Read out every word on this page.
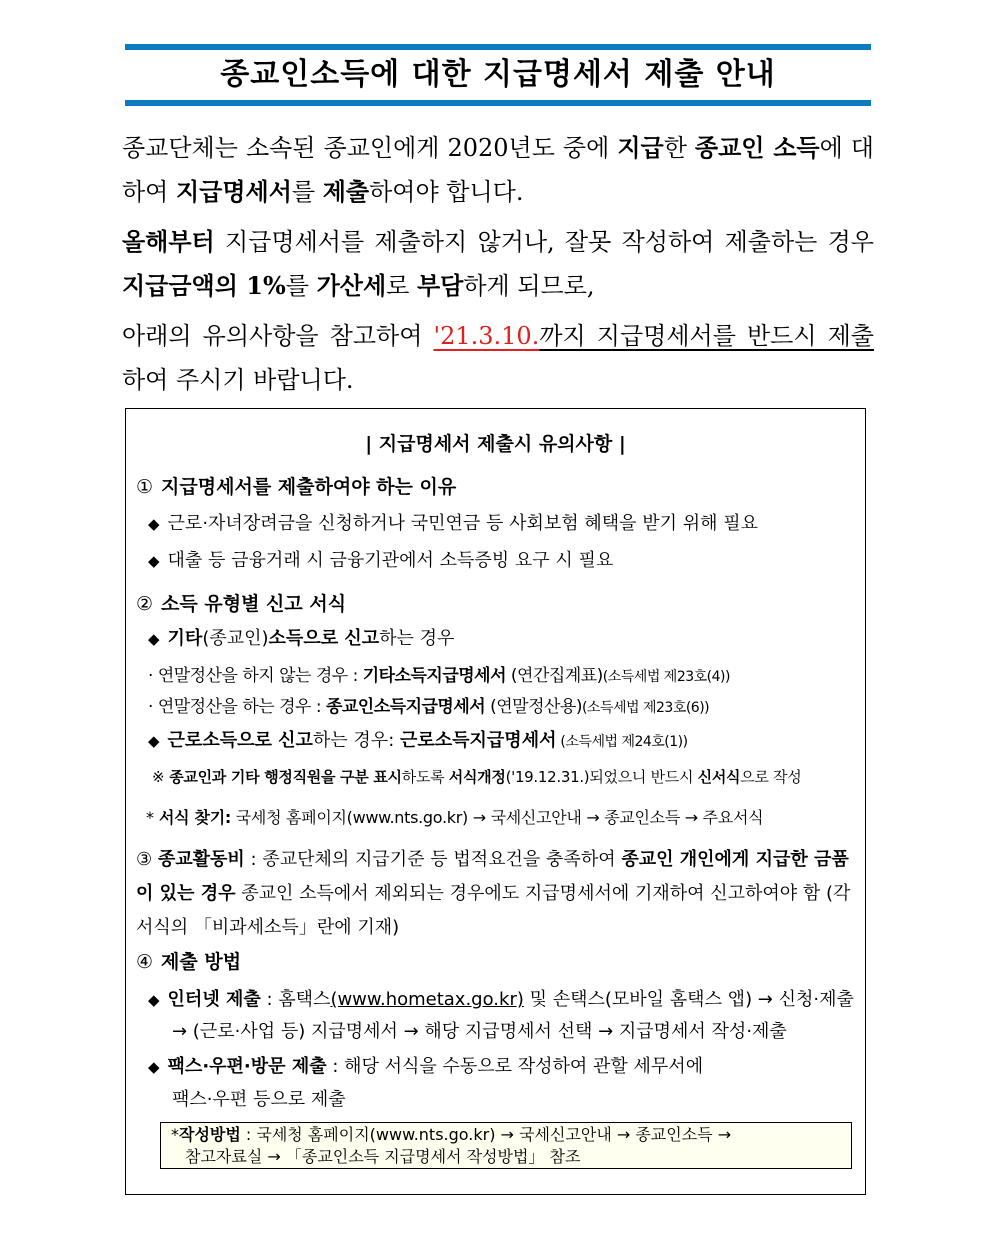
종교인소득에 대한 지급명세서 제출 안내

종교단체는 소속된 종교인에게 2020년도 중에 지급한 종교인 소득에 대하여 지급명세서를 제출하여야 합니다.

올해부터 지급명세서를 제출하지 않거나, 잘못 작성하여 제출하는 경우 지급금액의 1%를 가산세로 부담하게 되므로,

아래의 유의사항을 참고하여 '21.3.10.까지 지급명세서를 반드시 제출하여 주시기 바랍니다.

| 지급명세서 제출시 유의사항 |
① 지급명세서를 제출하여야 하는 이유
◆ 근로·자녀장려금을 신청하거나 국민연금 등 사회보험 혜택을 받기 위해 필요
◆ 대출 등 금융거래 시 금융기관에서 소득증빙 요구 시 필요
② 소득 유형별 신고 서식
◆ 기타(종교인)소득으로 신고하는 경우
· 연말정산을 하지 않는 경우 : 기타소득지급명세서 (연간집계표)(소득세법 제23호(4))
· 연말정산을 하는 경우 : 종교인소득지급명세서 (연말정산용)(소득세법 제23호(6))
◆ 근로소득으로 신고하는 경우: 근로소득지급명세서 (소득세법 제24호(1))
※ 종교인과 기타 행정직원을 구분 표시하도록 서식개정('19.12.31.)되었으니 반드시 신서식으로 작성
* 서식 찾기: 국세청 홈페이지(www.nts.go.kr) → 국세신고안내 → 종교인소득 → 주요서식
③ 종교활동비 : 종교단체의 지급기준 등 법적요건을 충족하여 종교인 개인에게 지급한 금품이 있는 경우 종교인 소득에서 제외되는 경우에도 지급명세서에 기재하여 신고하여야 함 (각 서식의 「비과세소득」란에 기재)
④ 제출 방법
◆ 인터넷 제출 : 홈택스(www.hometax.go.kr) 및 손택스(모바일 홈택스 앱) → 신청·제출
→ (근로·사업 등) 지급명세서 → 해당 지급명세서 선택 → 지급명세서 작성·제출
◆ 팩스·우편·방문 제출 : 해당 서식을 수동으로 작성하여 관할 세무서에
팩스·우편 등으로 제출
*작성방법 : 국세청 홈페이지(www.nts.go.kr) → 국세신고안내 → 종교인소득 →
참고자료실 → 「종교인소득 지급명세서 작성방법」 참조
